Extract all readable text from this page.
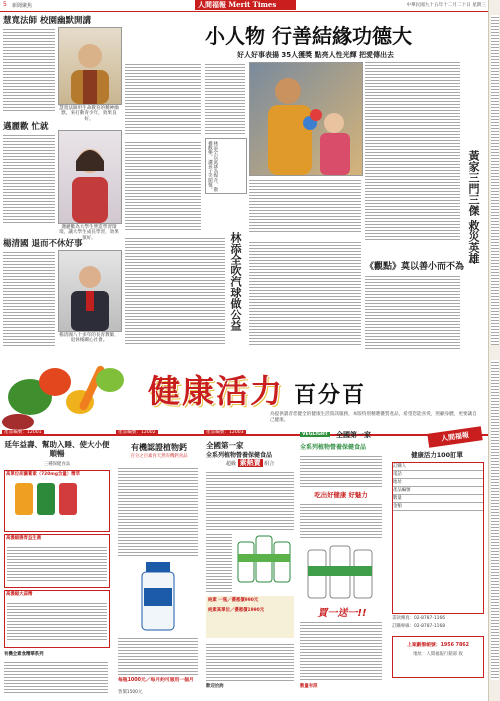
5 新聞聚焦	人間福報 Merit Times	中華民國九十五年十二月二十日 星期三
慧寬法師 校園幽默開講
慧寬法師用生命教育的精神幽默，來打動青少年，效果良好。
邁麗歡 忙就
邁麗歡為大學生營造學習環境，讓大學生成長學習，效果很好。
楊清國 退而不休好事
楊清國八十多年的長青教師，退休後關心社會。
小人物 行善結緣功德大
好人好事表揚 35人獲獎 點亮人性光輝 把愛傳出去
林添全以氣球為媒介，散播歡樂，讓孩子笑開懷。
林添全吹汽球做公益
黃家三門三傑 救災英雄
《觀點》莫以善小而不為
健康活力 百分百
為提供讀者您健全的健康生活資訊服務，本版特別精選優質產品，希望您能喜愛，照顧身體，更要讓自己健康。
產品編號：12001
延年益壽、幫助入睡、使大小便順暢
三種保健食品
高單位胡蘿蔔素（720mg含量）精萃
高濃縮腸胃益生菌
高濃縮大蒜精
有機全素食精華系列
產品編號：12002
有機認證植物鈣
百分之百素食天然有機鈣食品
每瓶1000元／每月約可服用一個月
售價1500元
產品編號：12003
全國第一家
全系列植物營養保健食品
超級 素熱賣 組合
純素 一瓶／優惠價990元
純素高單位／優惠價1990元
歡迎洽詢
VEGLIGHT 全國第一家
全系列植物營養保健食品
吃出好健康 好魅力
買一送一!!
數量有限
人間福報
健康活力100訂單
訂購人
電話
地址
產品編號
數量
金額
書款傳真：02-8787-1166
訂購專線：02-8787-1168
上案劃撥帳號：1956 7862
地址：人間福報行銷部 收
